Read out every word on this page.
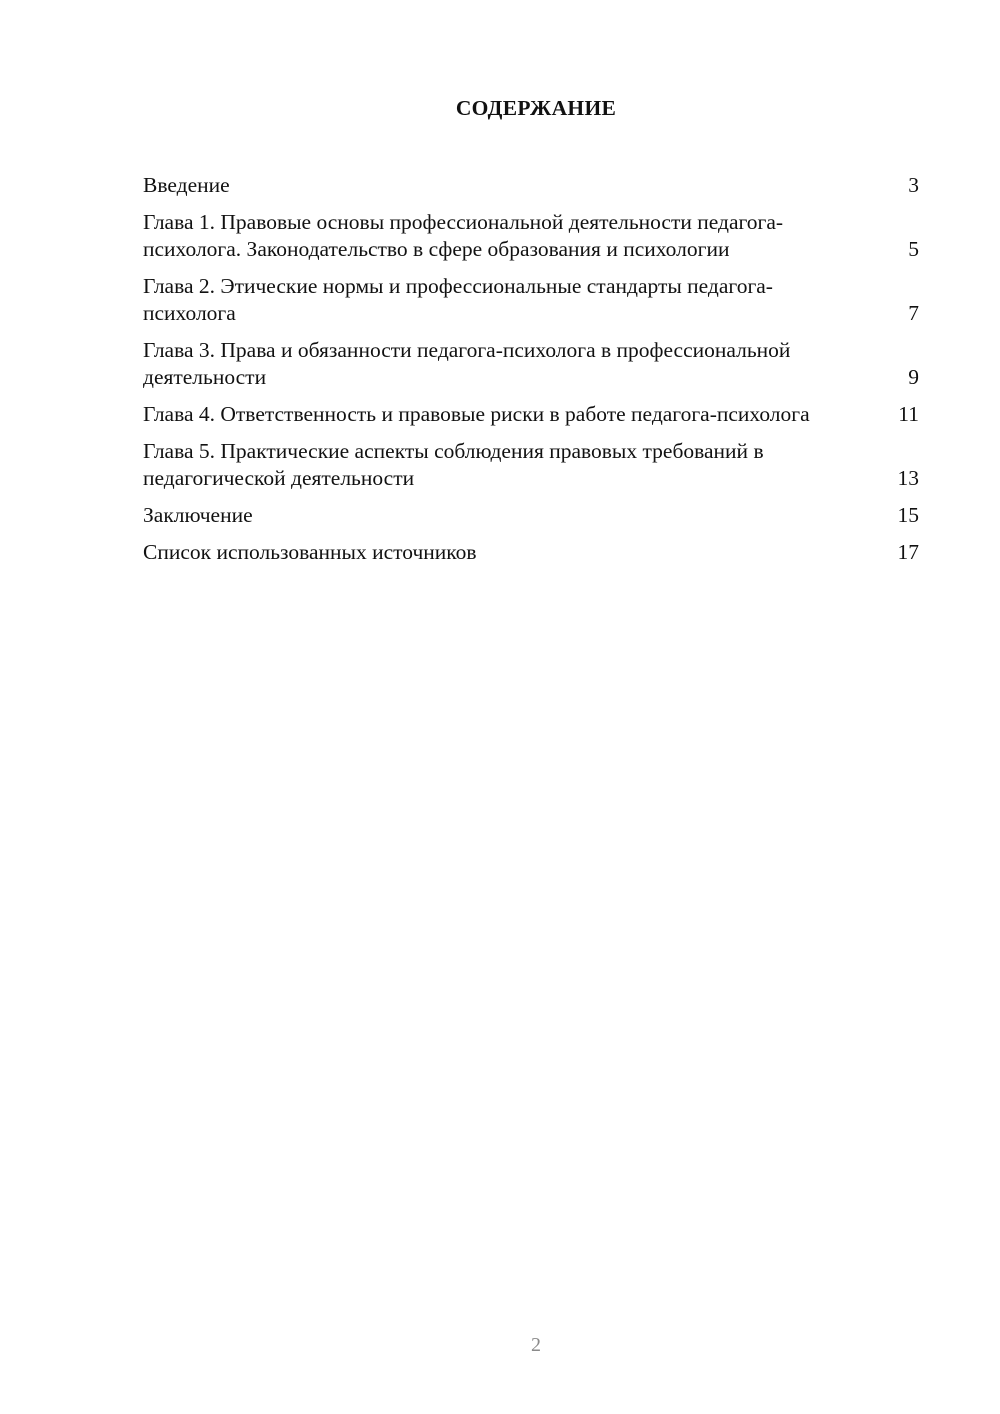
СОДЕРЖАНИЕ
Введение	3
Глава 1. Правовые основы профессиональной деятельности педагога-психолога. Законодательство в сфере образования и психологии	5
Глава 2. Этические нормы и профессиональные стандарты педагога-психолога	7
Глава 3. Права и обязанности педагога-психолога в профессиональной деятельности	9
Глава 4. Ответственность и правовые риски в работе педагога-психолога	11
Глава 5. Практические аспекты соблюдения правовых требований в педагогической деятельности	13
Заключение	15
Список использованных источников	17
2
